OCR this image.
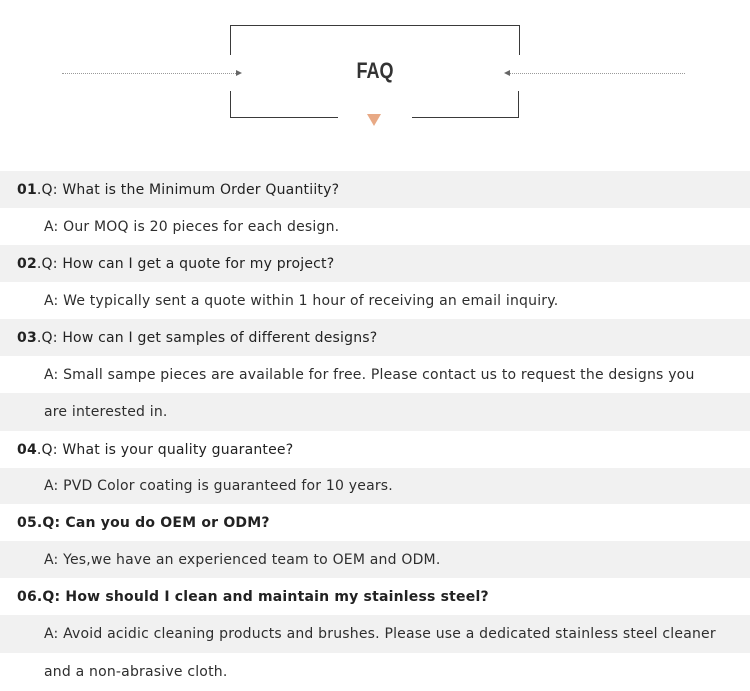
FAQ
01 . Q: What is the Minimum Order Quantiity?
A: Our MOQ is 20 pieces for each design.
02 . Q: How can I get a quote for my project?
A: We typically sent a quote within 1 hour of receiving an email inquiry.
03 . Q: How can I get samples of different designs?
A: Small sampe pieces are available for free. Please contact us to request the designs you
are interested in.
04 . Q: What is your quality guarantee?
A: PVD Color coating is guaranteed for 10 years.
05 . Q: Can you do OEM or ODM?
A: Yes,we have an experienced team to OEM and ODM.
06 . Q: How should I clean and maintain my stainless steel?
A: Avoid acidic cleaning products and brushes. Please use a dedicated stainless steel cleaner
and a non-abrasive cloth.
